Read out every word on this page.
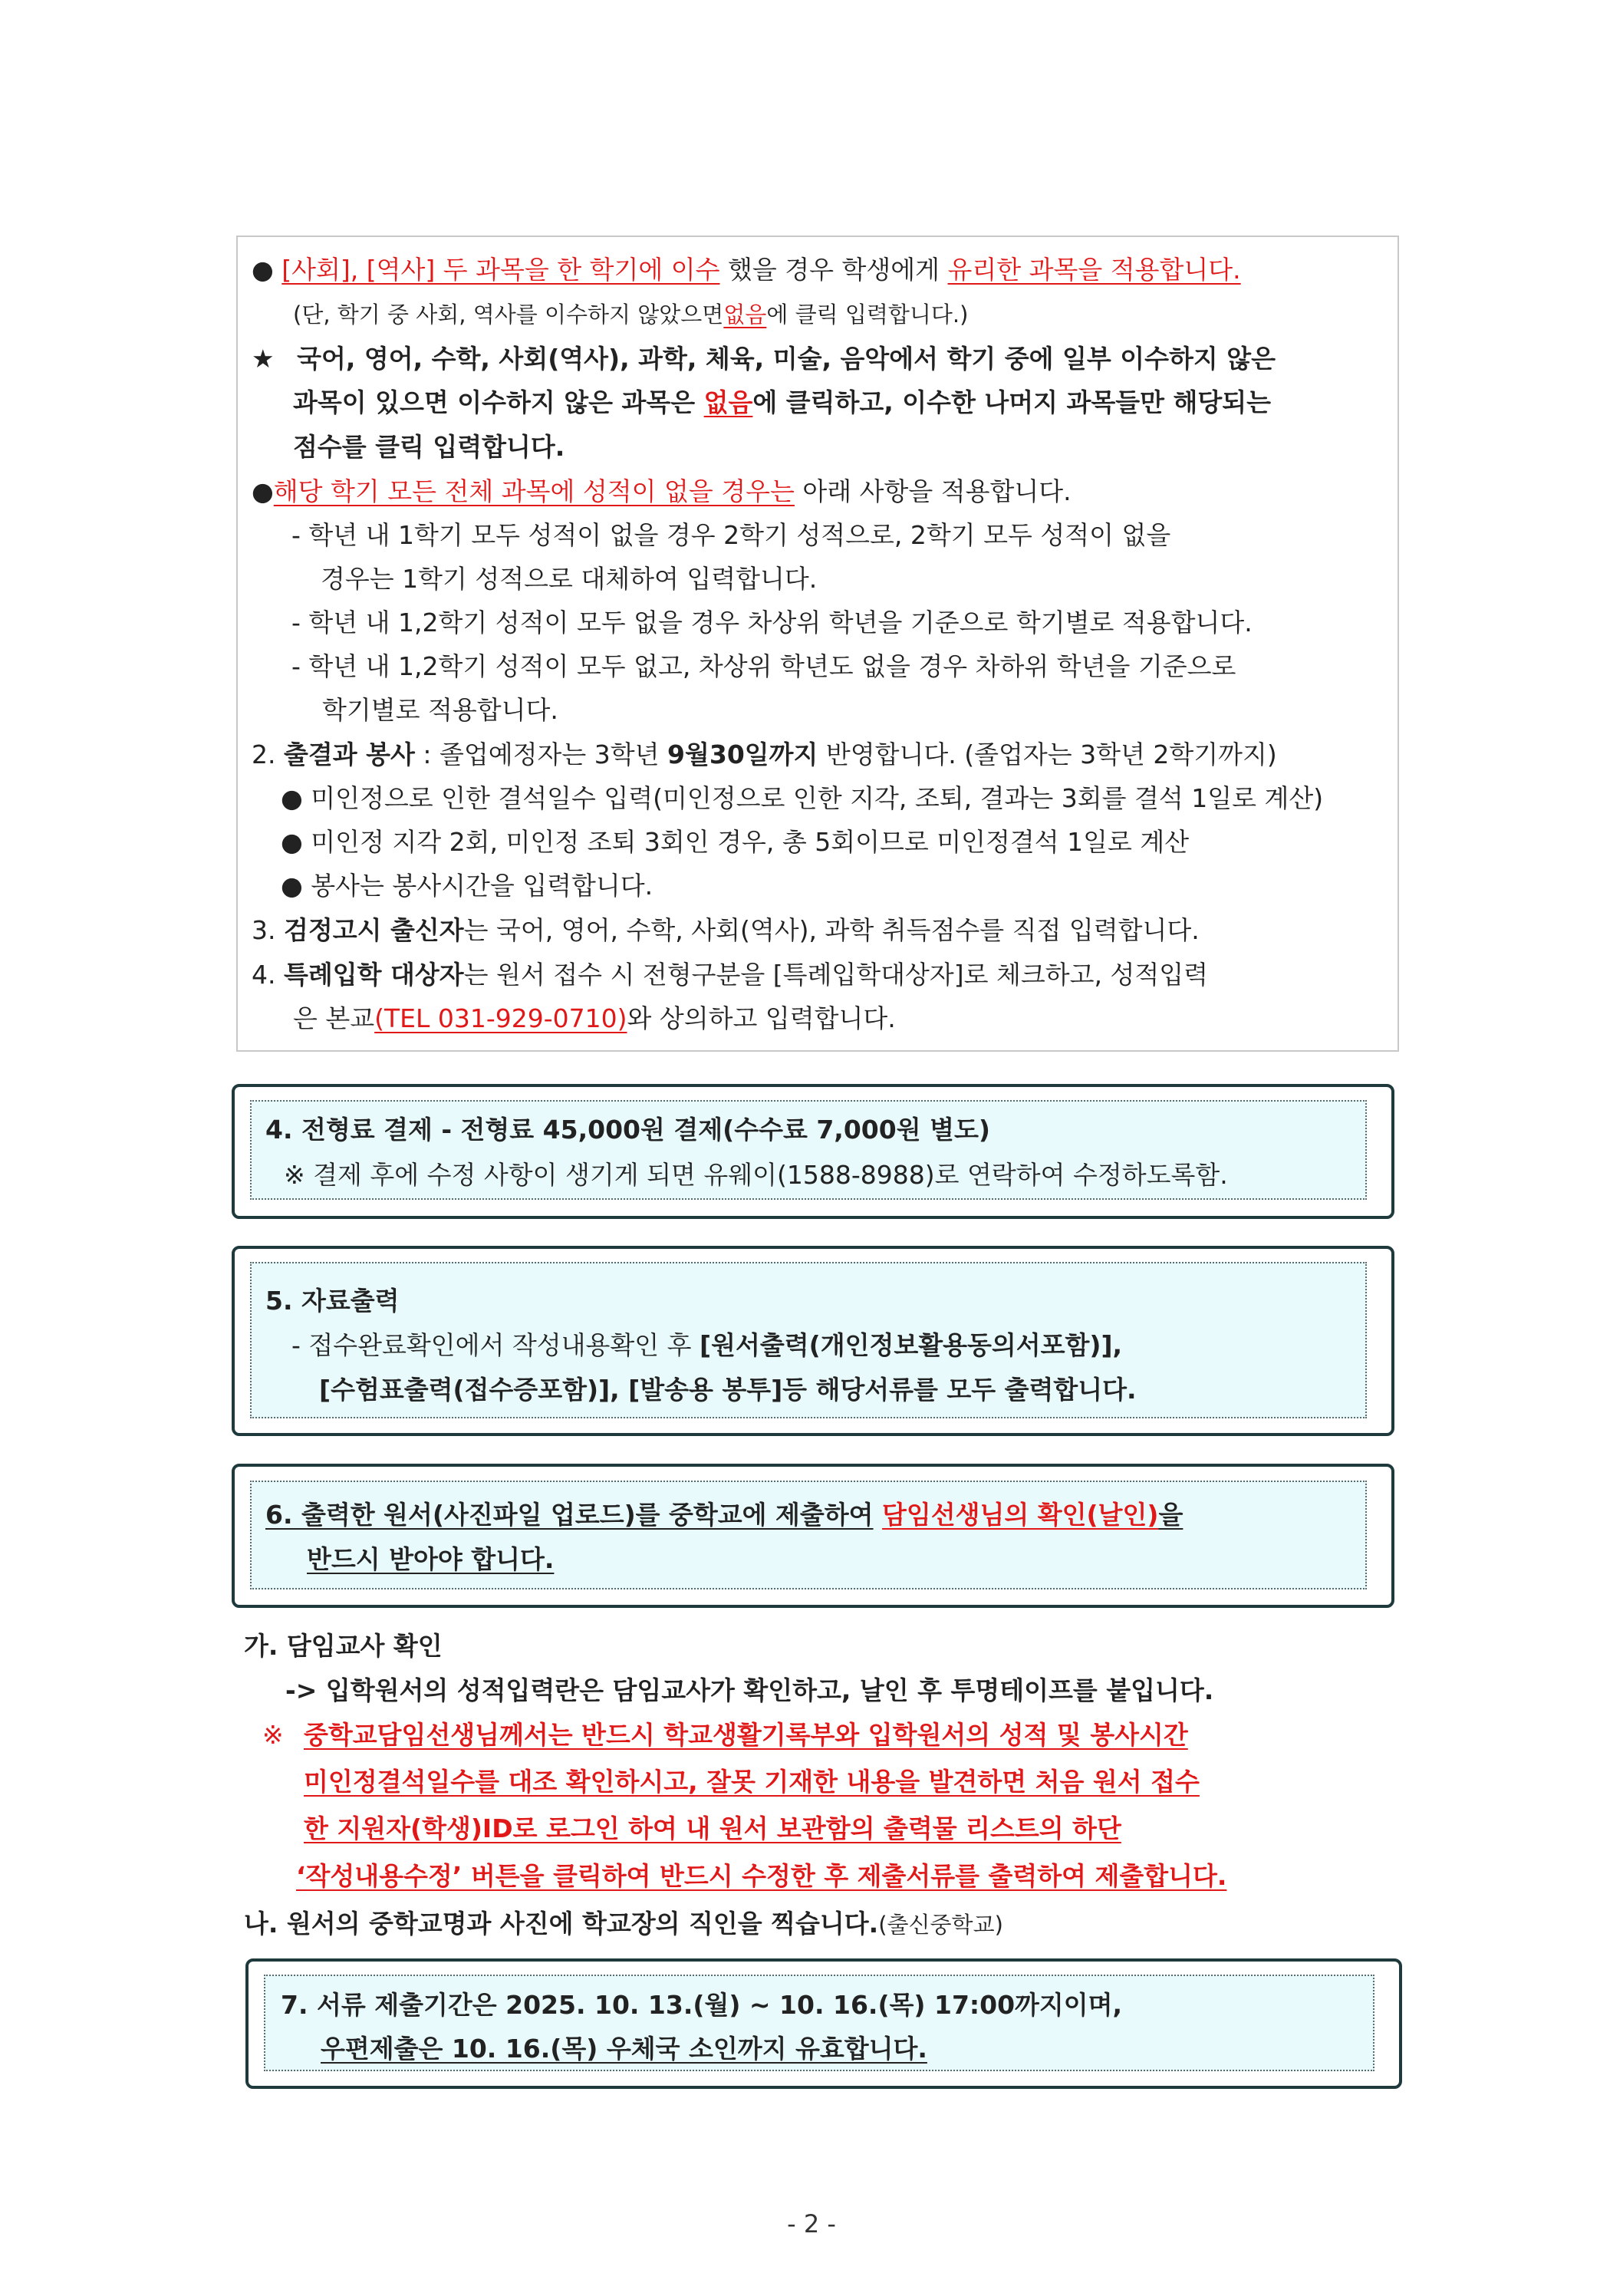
● [사회], [역사] 두 과목을 한 학기에 이수 했을 경우 학생에게 유리한 과목을 적용합니다.
(단, 학기 중 사회, 역사를 이수하지 않았으면없음에 클릭 입력합니다.)
★ 국어, 영어, 수학, 사회(역사), 과학, 체육, 미술, 음악에서 학기 중에 일부 이수하지 않은
과목이 있으면 이수하지 않은 과목은 없음에 클릭하고, 이수한 나머지 과목들만 해당되는
점수를 클릭 입력합니다.
●해당 학기 모든 전체 과목에 성적이 없을 경우는 아래 사항을 적용합니다.
- 학년 내 1학기 모두 성적이 없을 경우 2학기 성적으로, 2학기 모두 성적이 없을
경우는 1학기 성적으로 대체하여 입력합니다.
- 학년 내 1,2학기 성적이 모두 없을 경우 차상위 학년을 기준으로 학기별로 적용합니다.
- 학년 내 1,2학기 성적이 모두 없고, 차상위 학년도 없을 경우 차하위 학년을 기준으로
학기별로 적용합니다.
2. 출결과 봉사 : 졸업예정자는 3학년 9월30일까지 반영합니다. (졸업자는 3학년 2학기까지)
● 미인정으로 인한 결석일수 입력(미인정으로 인한 지각, 조퇴, 결과는 3회를 결석 1일로 계산)
● 미인정 지각 2회, 미인정 조퇴 3회인 경우, 총 5회이므로 미인정결석 1일로 계산
● 봉사는 봉사시간을 입력합니다.
3. 검정고시 출신자는 국어, 영어, 수학, 사회(역사), 과학 취득점수를 직접 입력합니다.
4. 특례입학 대상자는 원서 접수 시 전형구분을 [특례입학대상자]로 체크하고, 성적입력
은 본교(TEL 031-929-0710)와 상의하고 입력합니다.
4. 전형료 결제 - 전형료 45,000원 결제(수수료 7,000원 별도)
※ 결제 후에 수정 사항이 생기게 되면 유웨이(1588-8988)로 연락하여 수정하도록함.
5. 자료출력
- 접수완료확인에서 작성내용확인 후 [원서출력(개인정보활용동의서포함)],
[수험표출력(접수증포함)], [발송용 봉투]등 해당서류를 모두 출력합니다.
6. 출력한 원서(사진파일 업로드)를 중학교에 제출하여 담임선생님의 확인(날인)을
반드시 받아야 합니다.
가. 담임교사 확인
-> 입학원서의 성적입력란은 담임교사가 확인하고, 날인 후 투명테이프를 붙입니다.
※ 중학교담임선생님께서는 반드시 학교생활기록부와 입학원서의 성적 및 봉사시간
미인정결석일수를 대조 확인하시고, 잘못 기재한 내용을 발견하면 처음 원서 접수
한 지원자(학생)ID로 로그인 하여 내 원서 보관함의 출력물 리스트의 하단
‘작성내용수정’ 버튼을 클릭하여 반드시 수정한 후 제출서류를 출력하여 제출합니다.
나. 원서의 중학교명과 사진에 학교장의 직인을 찍습니다.(출신중학교)
7. 서류 제출기간은 2025. 10. 13.(월) ~ 10. 16.(목) 17:00까지이며,
우편제출은 10. 16.(목) 우체국 소인까지 유효합니다.
- 2 -
